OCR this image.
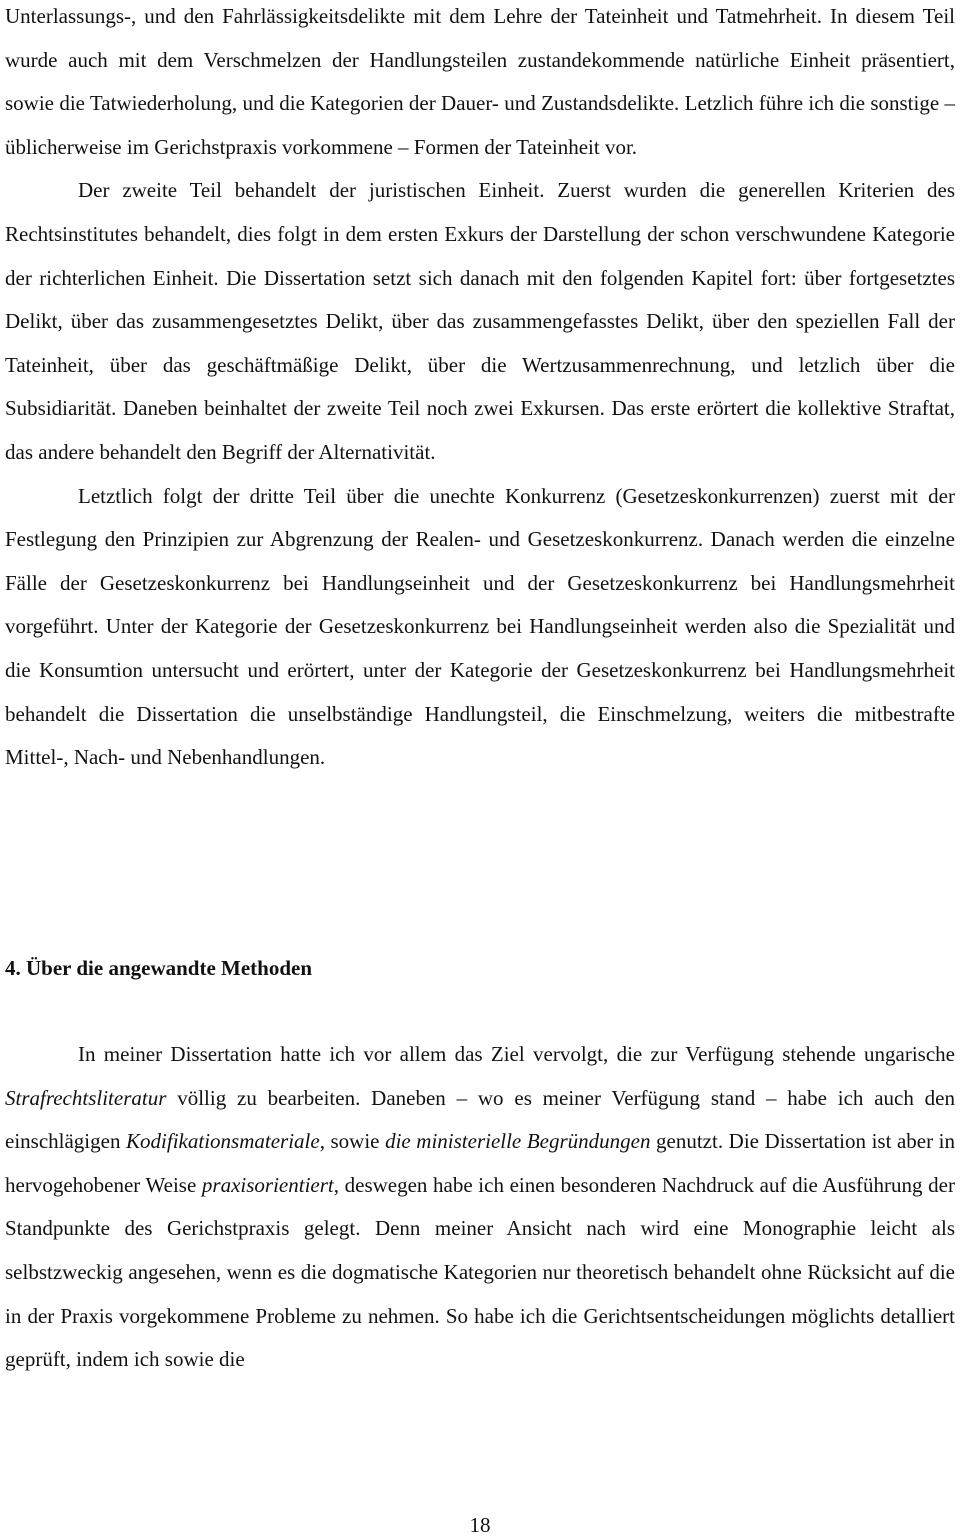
Unterlassungs-, und den Fahrlässigkeitsdelikte mit dem Lehre der Tateinheit und Tatmehrheit. In diesem Teil wurde auch mit dem Verschmelzen der Handlungsteilen zustandekommende natürliche Einheit präsentiert, sowie die Tatwiederholung, und die Kategorien der Dauer- und Zustandsdelikte. Letzlich führe ich die sonstige – üblicherweise im Gerichstpraxis vorkommene – Formen der Tateinheit vor.

Der zweite Teil behandelt der juristischen Einheit. Zuerst wurden die generellen Kriterien des Rechtsinstitutes behandelt, dies folgt in dem ersten Exkurs der Darstellung der schon verschwundene Kategorie der richterlichen Einheit. Die Dissertation setzt sich danach mit den folgenden Kapitel fort: über fortgesetztes Delikt, über das zusammengesetztes Delikt, über das zusammengefasstes Delikt, über den speziellen Fall der Tateinheit, über das geschäftmäßige Delikt, über die Wertzusammenrechnung, und letzlich über die Subsidiarität. Daneben beinhaltet der zweite Teil noch zwei Exkursen. Das erste erörtert die kollektive Straftat, das andere behandelt den Begriff der Alternativität.

Letztlich folgt der dritte Teil über die unechte Konkurrenz (Gesetzeskonkurrenzen) zuerst mit der Festlegung den Prinzipien zur Abgrenzung der Realen- und Gesetzeskonkurrenz. Danach werden die einzelne Fälle der Gesetzeskonkurrenz bei Handlungseinheit und der Gesetzeskonkurrenz bei Handlungsmehrheit vorgeführt. Unter der Kategorie der Gesetzeskonkurrenz bei Handlungseinheit werden also die Spezialität und die Konsumtion untersucht und erörtert, unter der Kategorie der Gesetzeskonkurrenz bei Handlungsmehrheit behandelt die Dissertation die unselbständige Handlungsteil, die Einschmelzung, weiters die mitbestrafte Mittel-, Nach- und Nebenhandlungen.

4. Über die angewandte Methoden

In meiner Dissertation hatte ich vor allem das Ziel vervolgt, die zur Verfügung stehende ungarische Strafrechtsliteratur völlig zu bearbeiten. Daneben – wo es meiner Verfügung stand – habe ich auch den einschlägigen Kodifikationsmateriale, sowie die ministerielle Begründungen genutzt. Die Dissertation ist aber in hervogehobener Weise praxisorientiert, deswegen habe ich einen besonderen Nachdruck auf die Ausführung der Standpunkte des Gerichstpraxis gelegt. Denn meiner Ansicht nach wird eine Monographie leicht als selbstzweckig angesehen, wenn es die dogmatische Kategorien nur theoretisch behandelt ohne Rücksicht auf die in der Praxis vorgekommene Probleme zu nehmen. So habe ich die Gerichtsentscheidungen möglichts detalliert geprüft, indem ich sowie die

18
